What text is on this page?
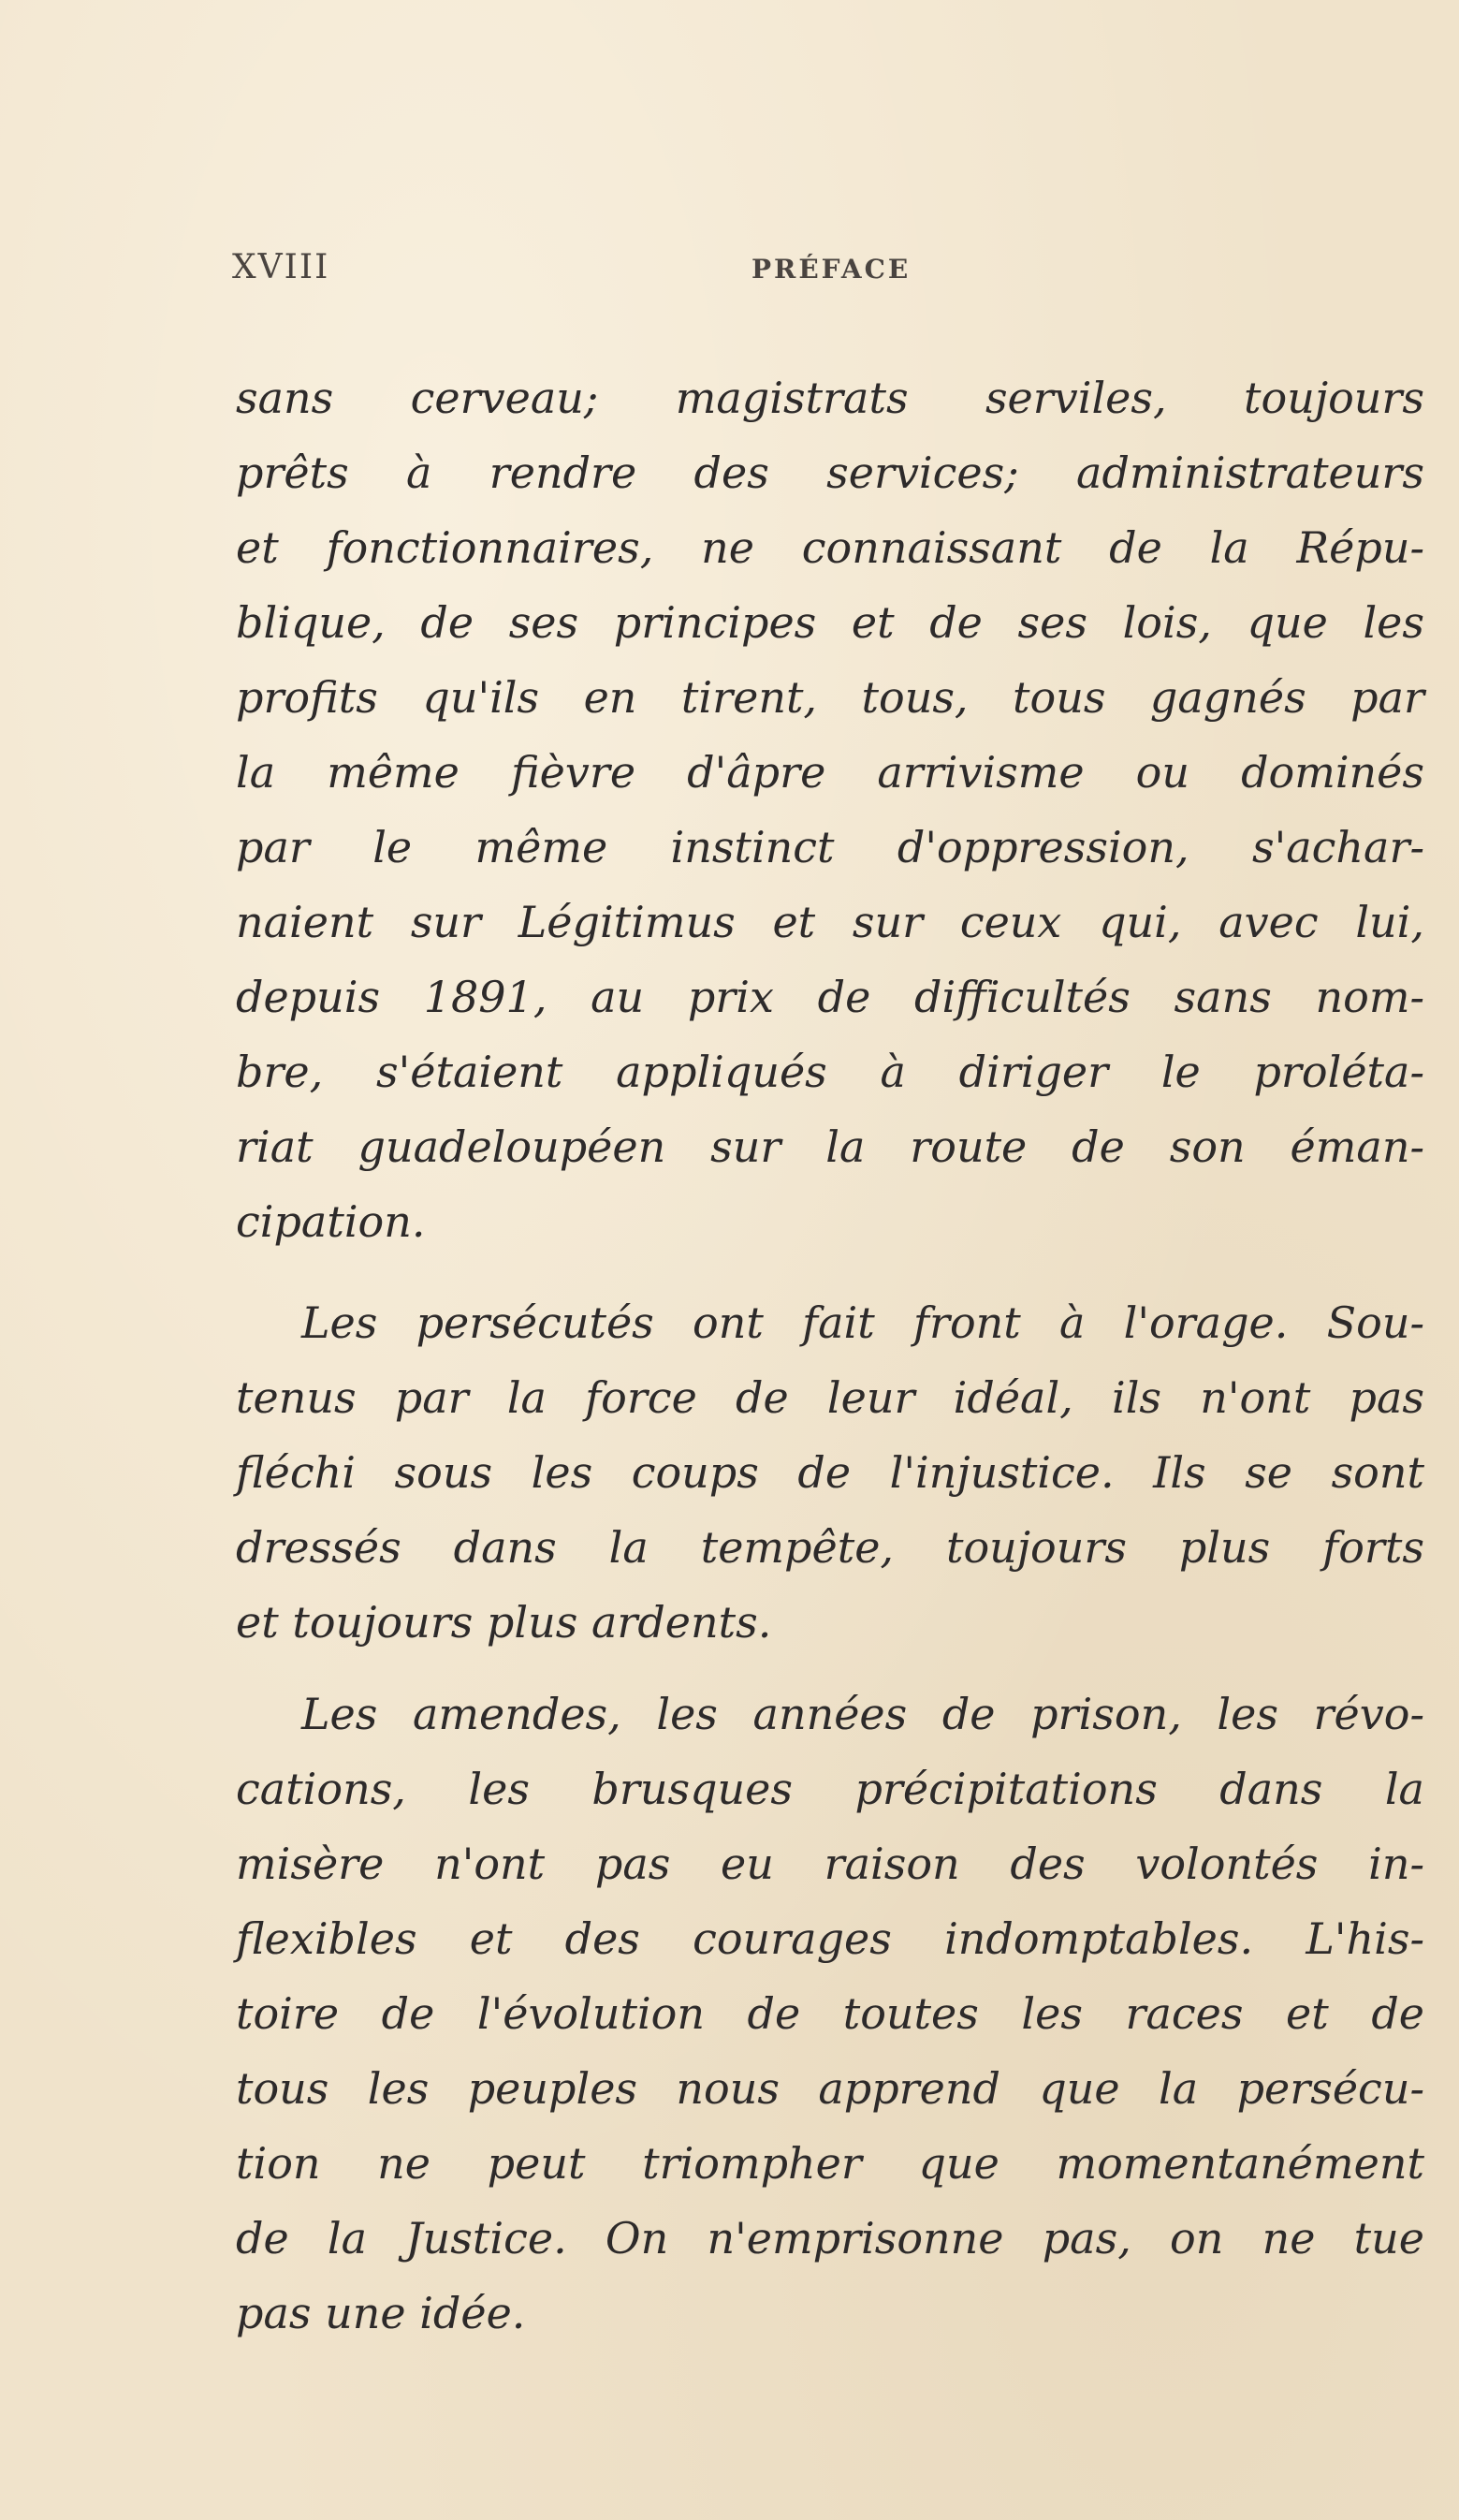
XVIII	PRÉFACE
sans cerveau; magistrats serviles, toujours
prêts à rendre des services; administrateurs
et fonctionnaires, ne connaissant de la Répu-
blique, de ses principes et de ses lois, que les
profits qu'ils en tirent, tous, tous gagnés par
la même fièvre d'âpre arrivisme ou dominés
par le même instinct d'oppression, s'achar-
naient sur Légitimus et sur ceux qui, avec lui,
depuis 1891, au prix de difficultés sans nom-
bre, s'étaient appliqués à diriger le prolétа-
riat guadeloupéen sur la route de son éman-
cipation.
Les persécutés ont fait front à l'orage. Sou-
tenus par la force de leur idéal, ils n'ont pas
fléchi sous les coups de l'injustice. Ils se sont
dressés dans la tempête, toujours plus forts
et toujours plus ardents.
Les amendes, les années de prison, les révo-
cations, les brusques précipitations dans la
misère n'ont pas eu raison des volontés in-
flexibles et des courages indomptables. L'his-
toire de l'évolution de toutes les races et de
tous les peuples nous apprend que la persécu-
tion ne peut triompher que momentanément
de la Justice. On n'emprisonne pas, on ne tue
pas une idée.
